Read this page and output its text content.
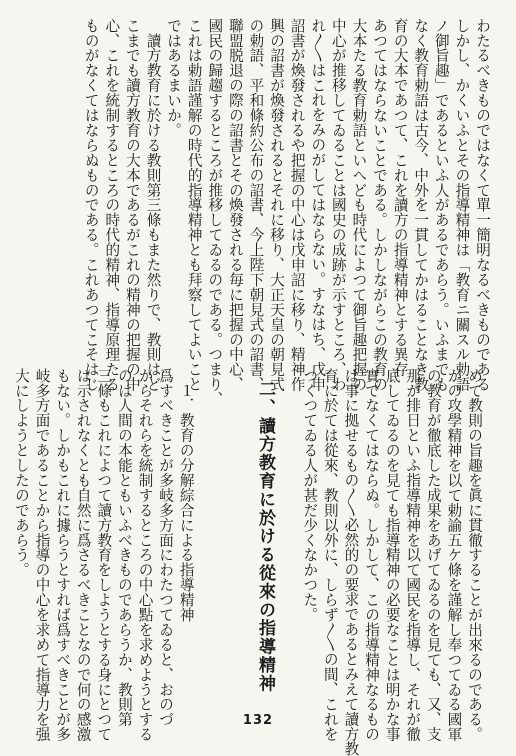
わたるべきものではなくて單一簡明なるべきものである
しかし、かくいふとその指導精神は「教育ニ關スル勅語
ノ御旨趣」であるといふ人があるであらう。いふまでも
なく教育勅語は古今、中外を一貫してかはることなき教
育の大本であつて、これを讀方の指導精神とする異存
あつてはならないことである。しかしながらこの教育の
大本たる教育勅語といへども時代によつて御旨趣把握の
中心が推移してゐることは國史の成跡が示すところ、わ
れ〱はこれをみのがしてはならない。すなはち、戊申
詔書が煥發されるや把握の中心は戊申詔に移り、精神作
興の詔書が煥發されるとそれに移り、大正天皇の朝見式
の勅語、平和條約公布の詔書、今上陛下朝見式の詔書、
聯盟脱退の際の詔書とその煥發される毎に把握の中心、
國民の歸趨するところが推移してゐるのである。つまり、
これは勅語謹解の時代的指導精神とも拜察してよいこと
ではあるまいか。
　讀方教育に於ける教則第三條もまた然りで、教則はど
こまでも讀方教育の大本であるがこれの精神の把握の中
心、これを統制するところの時代的精神、指導原理たる
ものがなくてはならぬものである。これあつてこそはじ

めて教則の旨趣を眞に貫徹することが出來るのである。
かの攻學精神を以て勅諭五ケ條を謹解し奉つてゐる國軍
の教育が徹底した成果をあげてゐるのを見ても、又、支
那が排日といふ指導精神を以て國民を指導し、それが徹
底してゐるのを見ても指導精神の必要なことは明かな事
實でなくてはならぬ。しかして、この指導精神なるもの
は事に拠せるもの〱必然的の要求であるとみえて讀方教
育に於ては從來、教則以外に、しらず〱の間、これを
つくつてゐる人が甚だ少くなかつた。

　１．教育の分解綜合による指導精神
爲すべきことが多岐多方面にわたつてゐると、おのづ
からそれらを統制するところの中心點を求めようとする
のは人間の本能ともいふべきものであらうか、教則第
三條もこれによつて讀方教育をしようとする身にとつて
は示されなくとも自然に爲さるべきことなので何の感激
もない。しかもこれに據らうとすれば爲すべきことが多
岐多方面であることから指導の中心を求めて指導力を强
大にしようとしたのであらう。	二、讀方教育に於ける從來の指導精神
132
